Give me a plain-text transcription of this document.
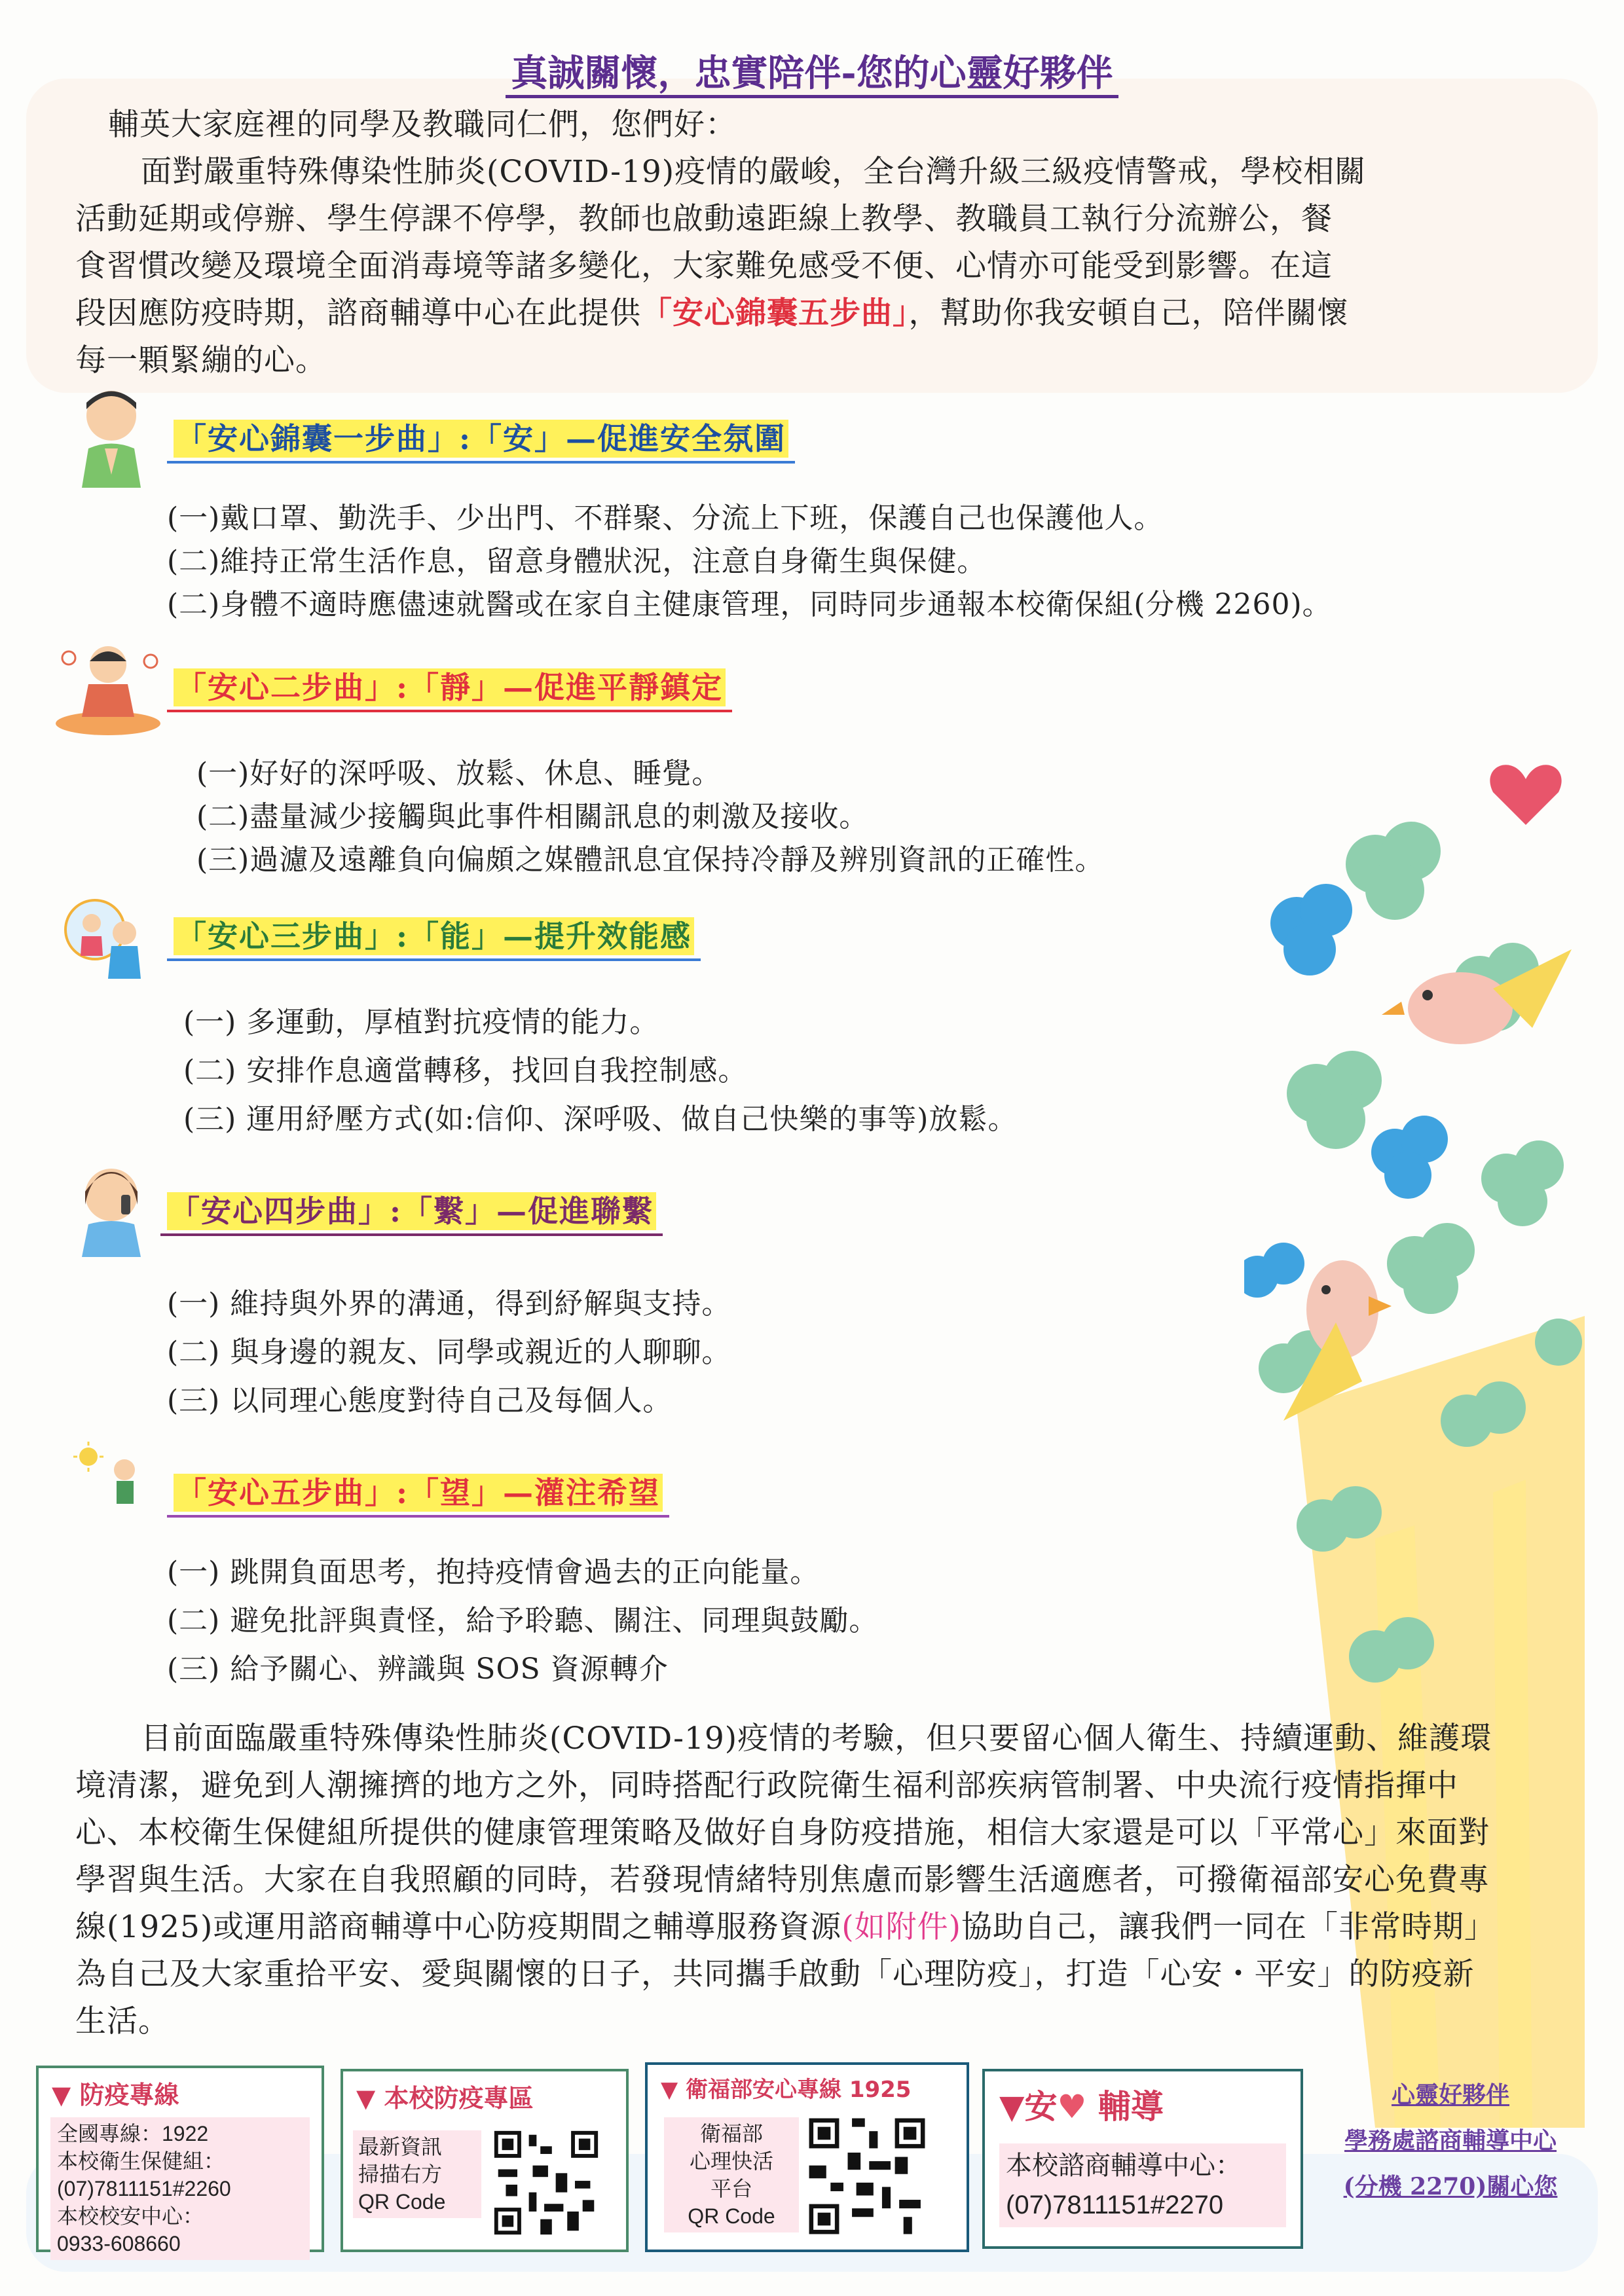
真誠關懷，忠實陪伴-您的心靈好夥伴
輔英大家庭裡的同學及教職同仁們，您們好：
面對嚴重特殊傳染性肺炎(COVID-19)疫情的嚴峻，全台灣升級三級疫情警戒，學校相關
活動延期或停辦、學生停課不停學，教師也啟動遠距線上教學、教職員工執行分流辦公，餐
食習慣改變及環境全面消毒境等諸多變化，大家難免感受不便、心情亦可能受到影響。在這
段因應防疫時期，諮商輔導中心在此提供「安心錦囊五步曲」，幫助你我安頓自己，陪伴關懷
每一顆緊繃的心。
「安心錦囊一步曲」:「安」—促進安全氛圍
(一)戴口罩、勤洗手、少出門、不群聚、分流上下班，保護自己也保護他人。
(二)維持正常生活作息，留意身體狀況，注意自身衛生與保健。
(二)身體不適時應儘速就醫或在家自主健康管理，同時同步通報本校衛保組(分機 2260)。
「安心二步曲」:「靜」—促進平靜鎮定
(一)好好的深呼吸、放鬆、休息、睡覺。
(二)盡量減少接觸與此事件相關訊息的刺激及接收。
(三)過濾及遠離負向偏頗之媒體訊息宜保持冷靜及辨別資訊的正確性。
「安心三步曲」:「能」—提升效能感
(一) 多運動，厚植對抗疫情的能力。
(二) 安排作息適當轉移，找回自我控制感。
(三) 運用紓壓方式(如:信仰、深呼吸、做自己快樂的事等)放鬆。
「安心四步曲」:「繫」—促進聯繫
(一) 維持與外界的溝通，得到紓解與支持。
(二) 與身邊的親友、同學或親近的人聊聊。
(三) 以同理心態度對待自己及每個人。
「安心五步曲」:「望」—灌注希望
(一) 跳開負面思考，抱持疫情會過去的正向能量。
(二) 避免批評與責怪，給予聆聽、關注、同理與鼓勵。
(三) 給予關心、辨識與 SOS 資源轉介
目前面臨嚴重特殊傳染性肺炎(COVID-19)疫情的考驗，但只要留心個人衛生、持續運動、維護環
境清潔，避免到人潮擁擠的地方之外，同時搭配行政院衛生福利部疾病管制署、中央流行疫情指揮中
心、本校衛生保健組所提供的健康管理策略及做好自身防疫措施，相信大家還是可以「平常心」來面對
學習與生活。大家在自我照顧的同時，若發現情緒特別焦慮而影響生活適應者，可撥衛福部安心免費專
線(1925)或運用諮商輔導中心防疫期間之輔導服務資源(如附件)協助自己，讓我們一同在「非常時期」
為自己及大家重拾平安、愛與關懷的日子，共同攜手啟動「心理防疫」，打造「心安・平安」的防疫新
生活。
▼ 防疫專線
全國專線：1922
本校衛生保健組：
(07)7811151#2260
本校校安中心：
0933-608660
▼ 本校防疫專區
最新資訊
掃描右方
QR Code
▼ 衛福部安心專線 1925
衛福部
心理快活
平台
QR Code
▼安♥ 輔導
本校諮商輔導中心：
(07)7811151#2270
心靈好夥伴
學務處諮商輔導中心
(分機 2270)關心您
